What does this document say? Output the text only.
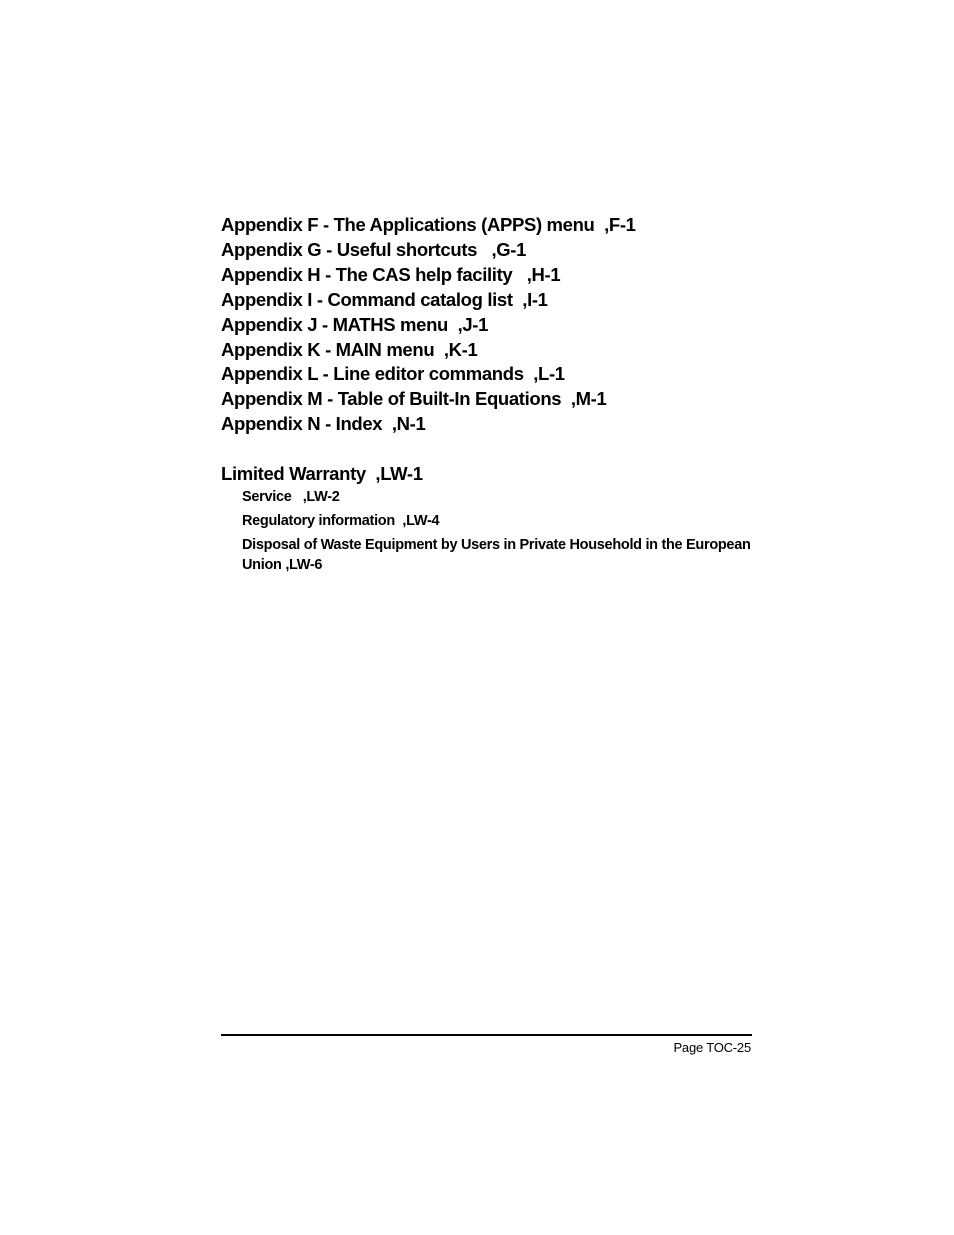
Appendix F - The Applications (APPS) menu ,F-1
Appendix G - Useful shortcuts ,G-1
Appendix H - The CAS help facility ,H-1
Appendix I - Command catalog list ,I-1
Appendix J - MATHS menu ,J-1
Appendix K - MAIN menu ,K-1
Appendix L - Line editor commands ,L-1
Appendix M - Table of Built-In Equations ,M-1
Appendix N - Index ,N-1
Limited Warranty ,LW-1
Service ,LW-2
Regulatory information ,LW-4
Disposal of Waste Equipment by Users in Private Household in the European Union ,LW-6
Page TOC-25
